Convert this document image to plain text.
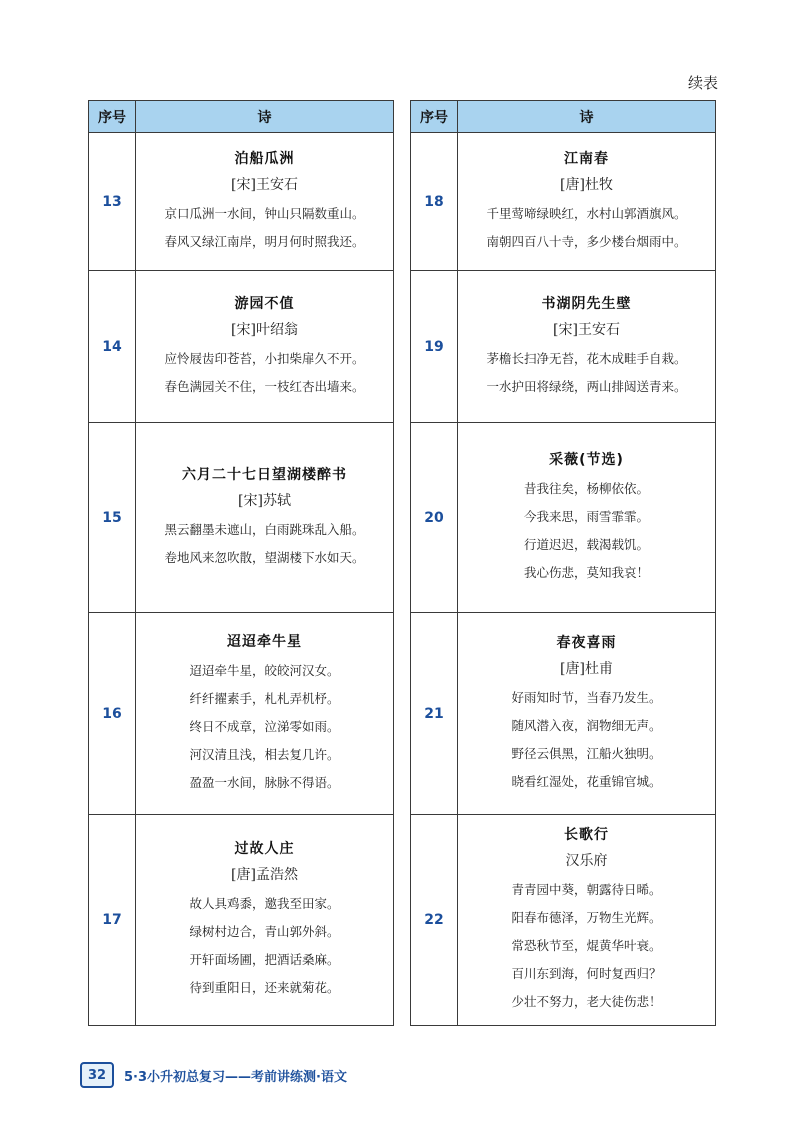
续表
序号	诗
13
泊船瓜洲
[宋]王安石
京口瓜洲一水间，钟山只隔数重山。
春风又绿江南岸，明月何时照我还。
14
游园不值
[宋]叶绍翁
应怜屐齿印苍苔，小扣柴扉久不开。
春色满园关不住，一枝红杏出墙来。
15
六月二十七日望湖楼醉书
[宋]苏轼
黑云翻墨未遮山，白雨跳珠乱入船。
卷地风来忽吹散，望湖楼下水如天。
16
迢迢牵牛星
迢迢牵牛星，皎皎河汉女。
纤纤擢素手，札札弄机杼。
终日不成章，泣涕零如雨。
河汉清且浅，相去复几许。
盈盈一水间，脉脉不得语。
17
过故人庄
[唐]孟浩然
故人具鸡黍，邀我至田家。
绿树村边合，青山郭外斜。
开轩面场圃，把酒话桑麻。
待到重阳日，还来就菊花。
序号	诗
18
江南春
[唐]杜牧
千里莺啼绿映红，水村山郭酒旗风。
南朝四百八十寺，多少楼台烟雨中。
19
书湖阴先生壁
[宋]王安石
茅檐长扫净无苔，花木成畦手自栽。
一水护田将绿绕，两山排闼送青来。
20
采薇(节选)
昔我往矣，杨柳依依。
今我来思，雨雪霏霏。
行道迟迟，载渴载饥。
我心伤悲，莫知我哀！
21
春夜喜雨
[唐]杜甫
好雨知时节，当春乃发生。
随风潜入夜，润物细无声。
野径云俱黑，江船火独明。
晓看红湿处，花重锦官城。
22
长歌行
汉乐府
青青园中葵，朝露待日晞。
阳春布德泽，万物生光辉。
常恐秋节至，焜黄华叶衰。
百川东到海，何时复西归？
少壮不努力，老大徒伤悲！
32	5·3小升初总复习——考前讲练测·语文
